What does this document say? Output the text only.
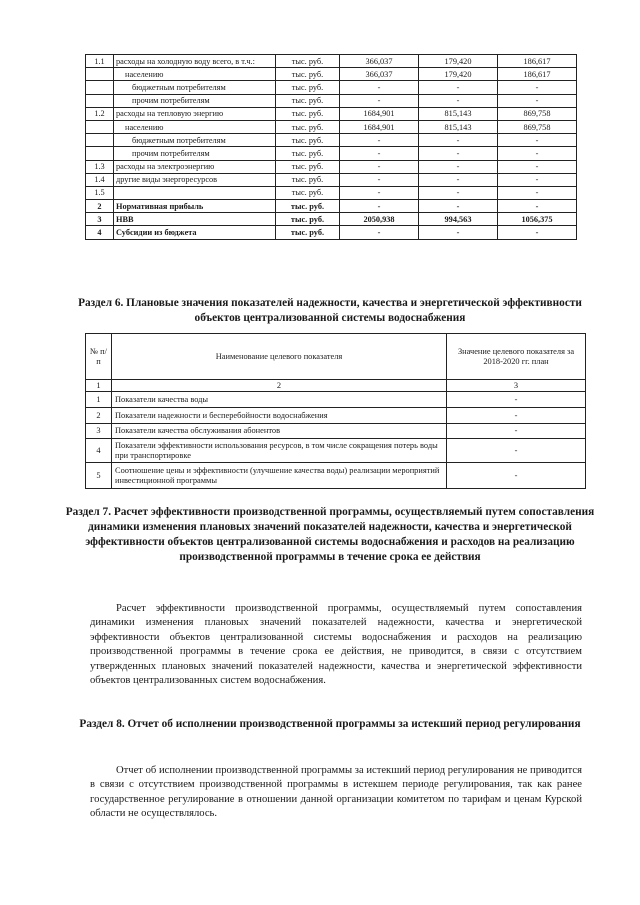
1.1	расходы на холодную воду всего, в т.ч.:	тыс. руб.	366,037	179,420	186,617
	населению	тыс. руб.	366,037	179,420	186,617
	бюджетным потребителям	тыс. руб.	-	-	-
	прочим потребителям	тыс. руб.	-	-	-
1.2	расходы на тепловую энергию	тыс. руб.	1684,901	815,143	869,758
	населению	тыс. руб.	1684,901	815,143	869,758
	бюджетным потребителям	тыс. руб.	-	-	-
	прочим потребителям	тыс. руб.	-	-	-
1.3	расходы на электроэнергию	тыс. руб.	-	-	-
1.4	другие виды энергоресурсов	тыс. руб.	-	-	-
1.5		тыс. руб.	-	-	-
2	Нормативная прибыль	тыс. руб.	-	-	-
3	НВВ	тыс. руб.	2050,938	994,563	1056,375
4	Субсидии из бюджета	тыс. руб.	-	-	-
Раздел 6. Плановые значения показателей надежности, качества и энергетической эффективности объектов централизованной системы водоснабжения
№ п/ п	Наименование целевого показателя	Значение целевого показателя за 2018-2020 гг. план
1	2	3
1	Показатели качества воды	-
2	Показатели надежности и бесперебойности водоснабжения	-
3	Показатели качества обслуживания абонентов	-
4	Показатели эффективности использования ресурсов, в том числе сокращения потерь воды при транспортировке	-
5	Соотношение цены и эффективности (улучшение качества воды) реализации мероприятий инвестиционной программы	-
Раздел 7. Расчет эффективности производственной программы, осуществляемый путем сопоставления динамики изменения плановых значений показателей надежности, качества и энергетической эффективности объектов централизованной системы водоснабжения и расходов на реализацию производственной программы в течение срока ее действия
Расчет эффективности производственной программы, осуществляемый путем сопоставления динамики изменения плановых значений показателей надежности, качества и энергетической эффективности объектов централизованной системы водоснабжения и расходов на реализацию производственной программы в течение срока ее действия, не приводится, в связи с отсутствием утвержденных плановых значений показателей надежности, качества и энергетической эффективности объектов централизованных систем водоснабжения.
Раздел 8. Отчет об исполнении производственной программы за истекший период регулирования
Отчет об исполнении производственной программы за истекший период регулирования не приводится в связи с отсутствием производственной программы в истекшем периоде регулирования, так как ранее государственное регулирование в отношении данной организации комитетом по тарифам и ценам Курской области не осуществлялось.
